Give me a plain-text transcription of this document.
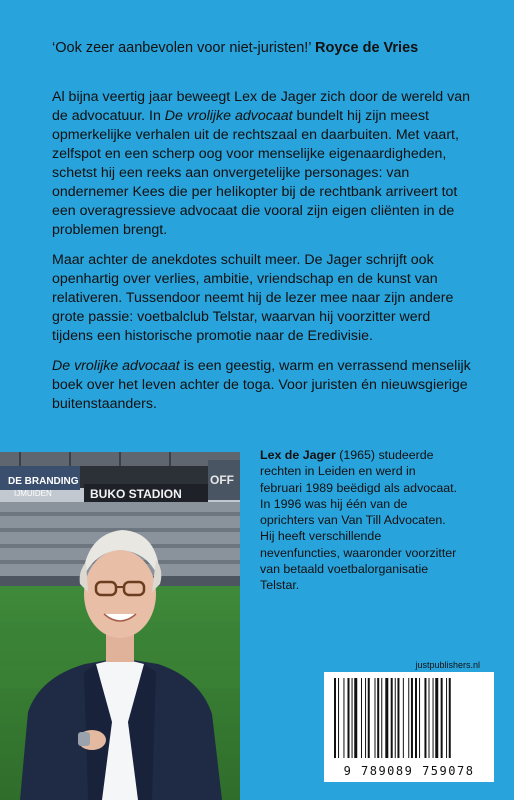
‘Ook zeer aanbevolen voor niet-juristen!’ Royce de Vries

Al bijna veertig jaar beweegt Lex de Jager zich door de wereld van de advocatuur. In De vrolijke advocaat bundelt hij zijn meest opmerkelijke verhalen uit de rechtszaal en daarbuiten. Met vaart, zelfspot en een scherp oog voor menselijke eigenaardigheden, schetst hij een reeks aan onvergetelijke personages: van ondernemer Kees die per helikopter bij de rechtbank arriveert tot een overagressieve advocaat die vooral zijn eigen cliënten in de problemen brengt.

Maar achter de anekdotes schuilt meer. De Jager schrijft ook openhartig over verlies, ambitie, vriendschap en de kunst van relativeren. Tussendoor neemt hij de lezer mee naar zijn andere grote passie: voetbalclub Telstar, waarvan hij voorzitter werd tijdens een historische promotie naar de Eredivisie.

De vrolijke advocaat is een geestig, warm en verrassend menselijk boek over het leven achter de toga. Voor juristen én nieuwsgierige buitenstaanders.

DE BRANDING
IJMUIDEN	BUKO STADION
OFF
Lex de Jager (1965) studeerde rechten in Leiden en werd in februari 1989 beëdigd als advocaat. In 1996 was hij één van de oprichters van Van Till Advocaten. Hij heeft verschillende nevenfuncties, waaronder voorzitter van betaald voetbalorganisatie Telstar.
justpublishers.nl
9 789089 759078
